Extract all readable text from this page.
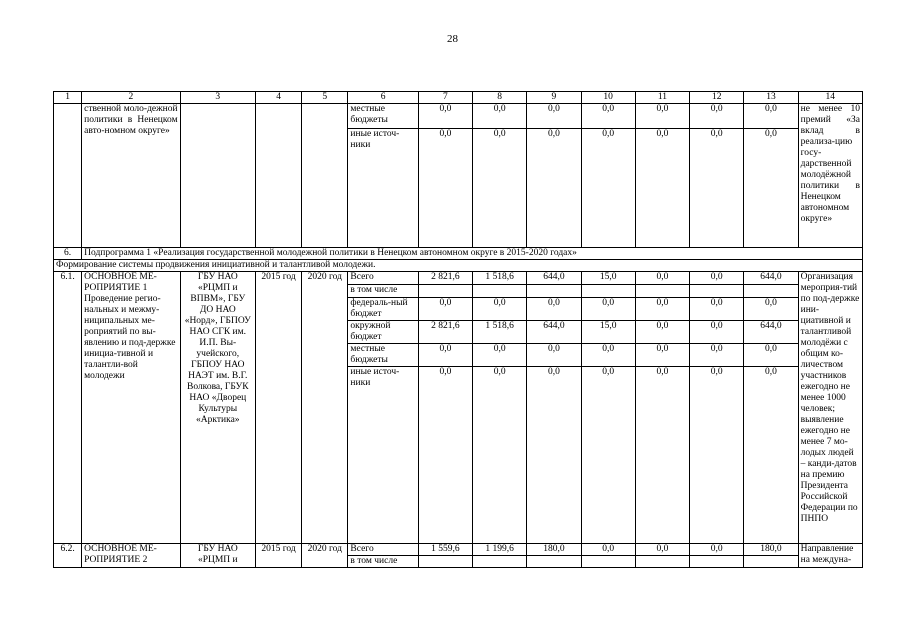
28
1	2	3	4	5	6	7	8	9	10	11	12	13	14
	ственной моло-дежной политики в Ненецком авто-номном округе»				местные бюджеты	0,0	0,0	0,0	0,0	0,0	0,0	0,0	не менее 10 премий «За вклад в реализа-цию госу-дарственной молодёжной политики в Ненецком автономном округе»
					иные источ-ники	0,0	0,0	0,0	0,0	0,0	0,0	0,0	
6.	Подпрограмма 1 «Реализация государственной молодежной политики в Ненецком автономном округе в 2015-2020 годах»												
Формирование системы продвижения инициативной и талантливой молодежи.													
6.1.	ОСНОВНОЕ МЕ-РОПРИЯТИЕ 1 Проведение регио-нальных и межму-ниципальных ме-роприятий по вы-явлению и под-держке инициа-тивной и талантли-вой молодежи	ГБУ НАО «РЦМП и ВПВМ», ГБУ ДО НАО «Норд», ГБПОУ НАО СГК им. И.П. Вы-учейского, ГБПОУ НАО НАЭТ им. В.Г. Волкова, ГБУК НАО «Дворец Культуры «Арктика»	2015 год	2020 год	Всего	2 821,6	1 518,6	644,0	15,0	0,0	0,0	644,0	Организация мероприя-тий по под-держке ини-циативной и талантливой молодёжи с общим ко-личеством участников ежегодно не менее 1000 человек; выявление ежегодно не менее 7 мо-лодых людей – канди-датов на премию Президента Российской Федерации по ПНПО
					в том числе								
					федераль-ный бюджет	0,0	0,0	0,0	0,0	0,0	0,0	0,0	
					окружной бюджет	2 821,6	1 518,6	644,0	15,0	0,0	0,0	644,0	
					местные бюджеты	0,0	0,0	0,0	0,0	0,0	0,0	0,0	
					иные источ-ники	0,0	0,0	0,0	0,0	0,0	0,0	0,0	
6.2.	ОСНОВНОЕ МЕ-РОПРИЯТИЕ 2	ГБУ НАО «РЦМП и	2015 год	2020 год	Всего	1 559,6	1 199,6	180,0	0,0	0,0	0,0	180,0	Направление на междуна-
					в том числе								
